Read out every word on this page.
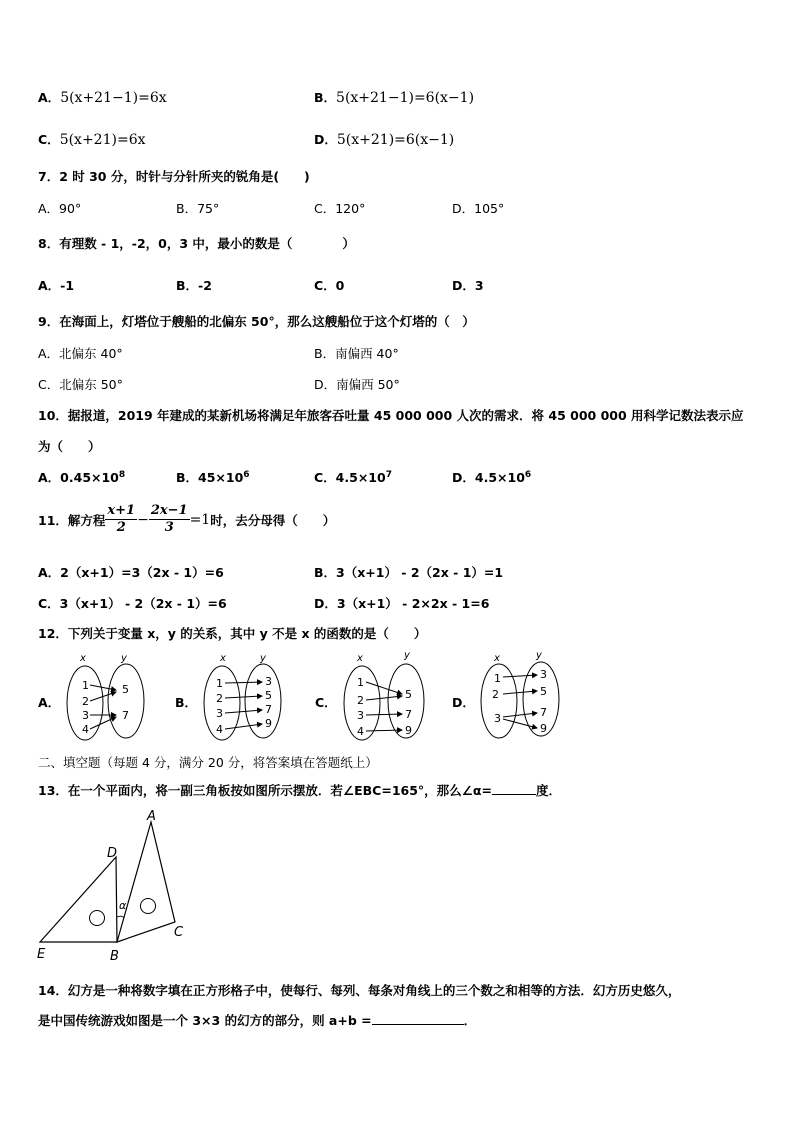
A．5(x+21−1)=6x	B．5(x+21−1)=6(x−1)
C．5(x+21)=6x	D．5(x+21)=6(x−1)
7．2 时 30 分，时针与分针所夹的锐角是(　　)
A．90°	B．75°	C．120°	D．105°
8．有理数 - 1，-2，0，3 中，最小的数是（　　　　）
A．-1	B．-2	C．0	D．3
9．在海面上，灯塔位于艘船的北偏东 50°，那么这艘船位于这个灯塔的（　）
A．北偏东 40°	B．南偏西 40°
C．北偏东 50°	D．南偏西 50°
10．据报道，2019 年建成的某新机场将满足年旅客吞吐量 45 000 000 人次的需求．将 45 000 000 用科学记数法表示应
为（　　）
A．$0.45\times 10^8$	B．$45\times 10^6$	C．$4.5\times 10^7$	D．$4.5\times 10^6$
11．解方程 $\frac{x+1}{2} - \frac{2x-1}{3} =1$ 时，去分母得（　　）
A．2（x+1）=3（2x - 1）=6	B．3（x+1） - 2（2x - 1）=1
C．3（x+1） - 2（2x - 1）=6	D．3（x+1） - 2×2x - 1=6
12．下列关于变量 x，y 的关系，其中 y 不是 x 的函数的是（　　）
A．	B．	C．	D．
x	y
1
2
3
4
5
7
x	y
1
2
3
4
3
5
7
9
x	y
1
2
3
4
5
7
9
x	y
1
2
3
3
5
7
9
二、填空题（每题 4 分，满分 20 分，将答案填在答题纸上）
13．在一个平面内，将一副三角板按如图所示摆放．若∠EBC=165°，那么∠α=	度．
A
D
E	B
C
α
14．幻方是一种将数字填在正方形格子中，使每行、每列、每条对角线上的三个数之和相等的方法．幻方历史悠久，
是中国传统游戏如图是一个 3×3 的幻方的部分，则 a+b =	．
